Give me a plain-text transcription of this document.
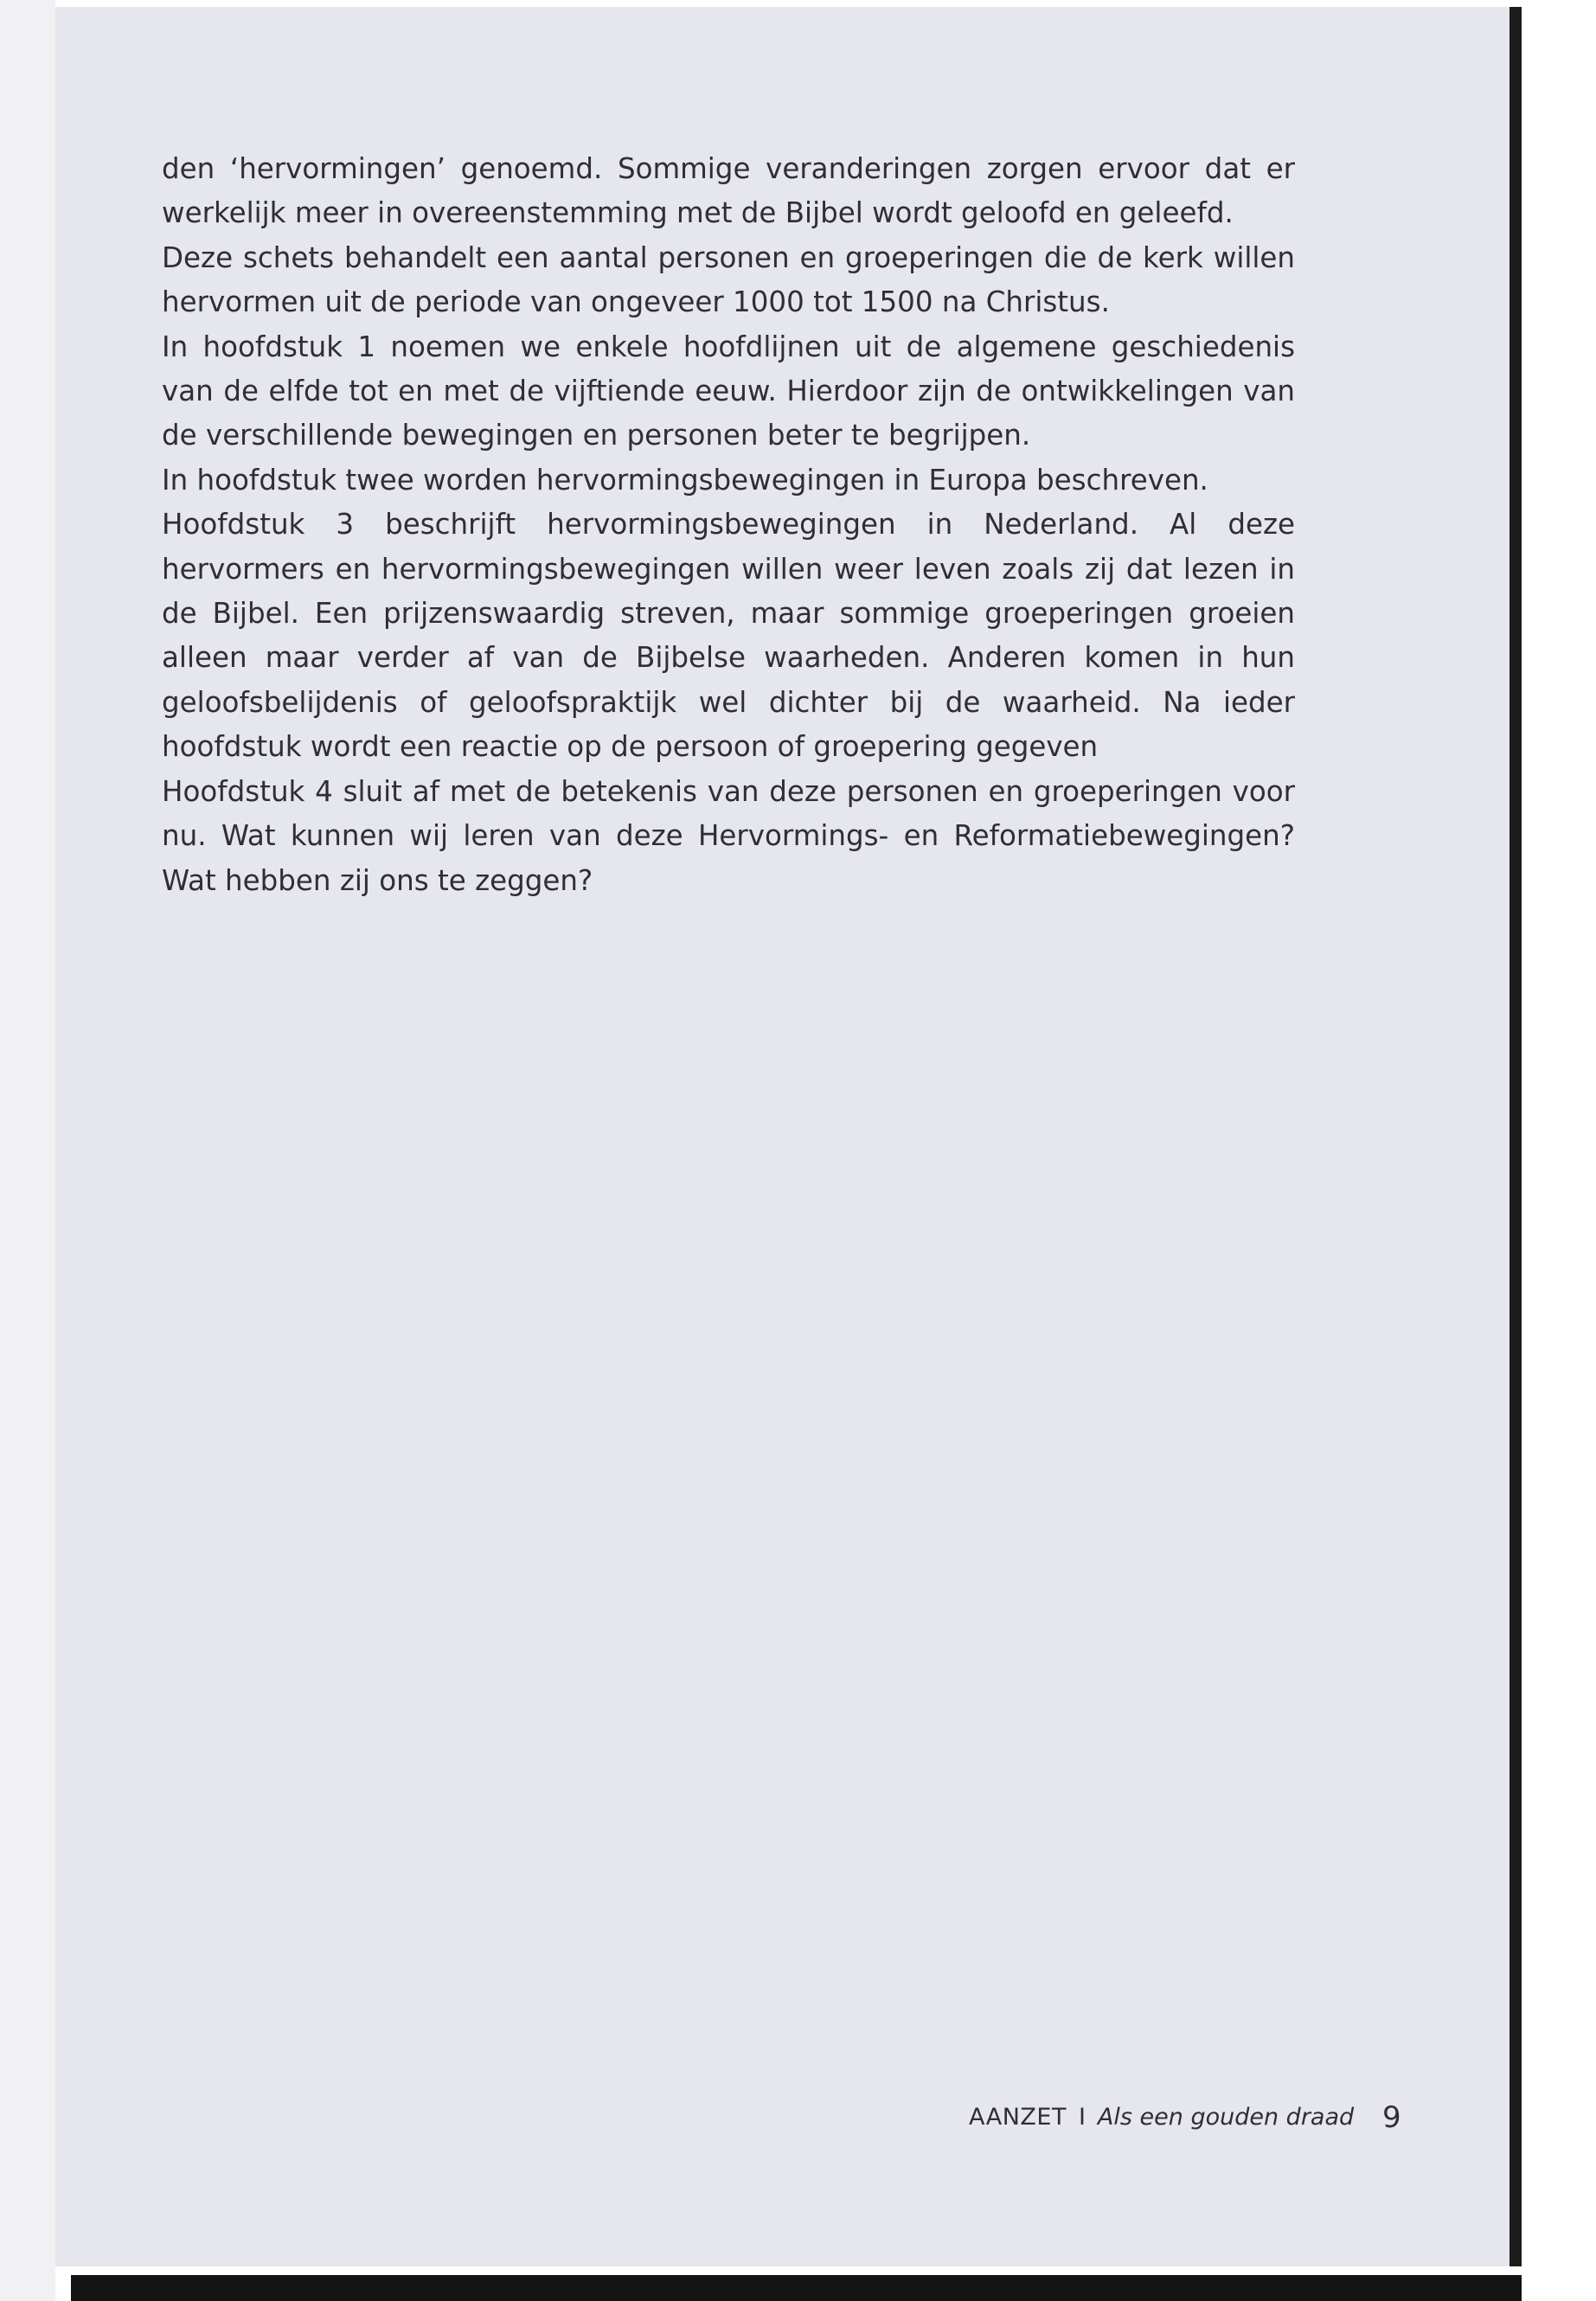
den ‘hervormingen’ genoemd. Sommige veranderingen zorgen ervoor dat er werkelijk meer in overeenstemming met de Bijbel wordt geloofd en geleefd.

Deze schets behandelt een aantal personen en groeperingen die de kerk willen hervormen uit de periode van ongeveer 1000 tot 1500 na Christus.

In hoofdstuk 1 noemen we enkele hoofdlijnen uit de algemene geschiedenis van de elfde tot en met de vijftiende eeuw. Hierdoor zijn de ontwikkelingen van de verschillende bewegingen en personen beter te begrijpen.

In hoofdstuk twee worden hervormingsbewegingen in Europa beschreven.

Hoofdstuk 3 beschrijft hervormingsbewegingen in Nederland. Al deze hervormers en hervormingsbewegingen willen weer leven zoals zij dat lezen in de Bijbel. Een prijzenswaardig streven, maar sommige groeperingen groeien alleen maar verder af van de Bijbelse waarheden. Anderen komen in hun geloofsbelijdenis of geloofspraktijk wel dichter bij de waarheid. Na ieder hoofdstuk wordt een reactie op de persoon of groepering gegeven

Hoofdstuk 4 sluit af met de betekenis van deze personen en groeperingen voor nu. Wat kunnen wij leren van deze Hervormings- en Reformatiebewegingen? Wat hebben zij ons te zeggen?

AANZET I Als een gouden draad 9
